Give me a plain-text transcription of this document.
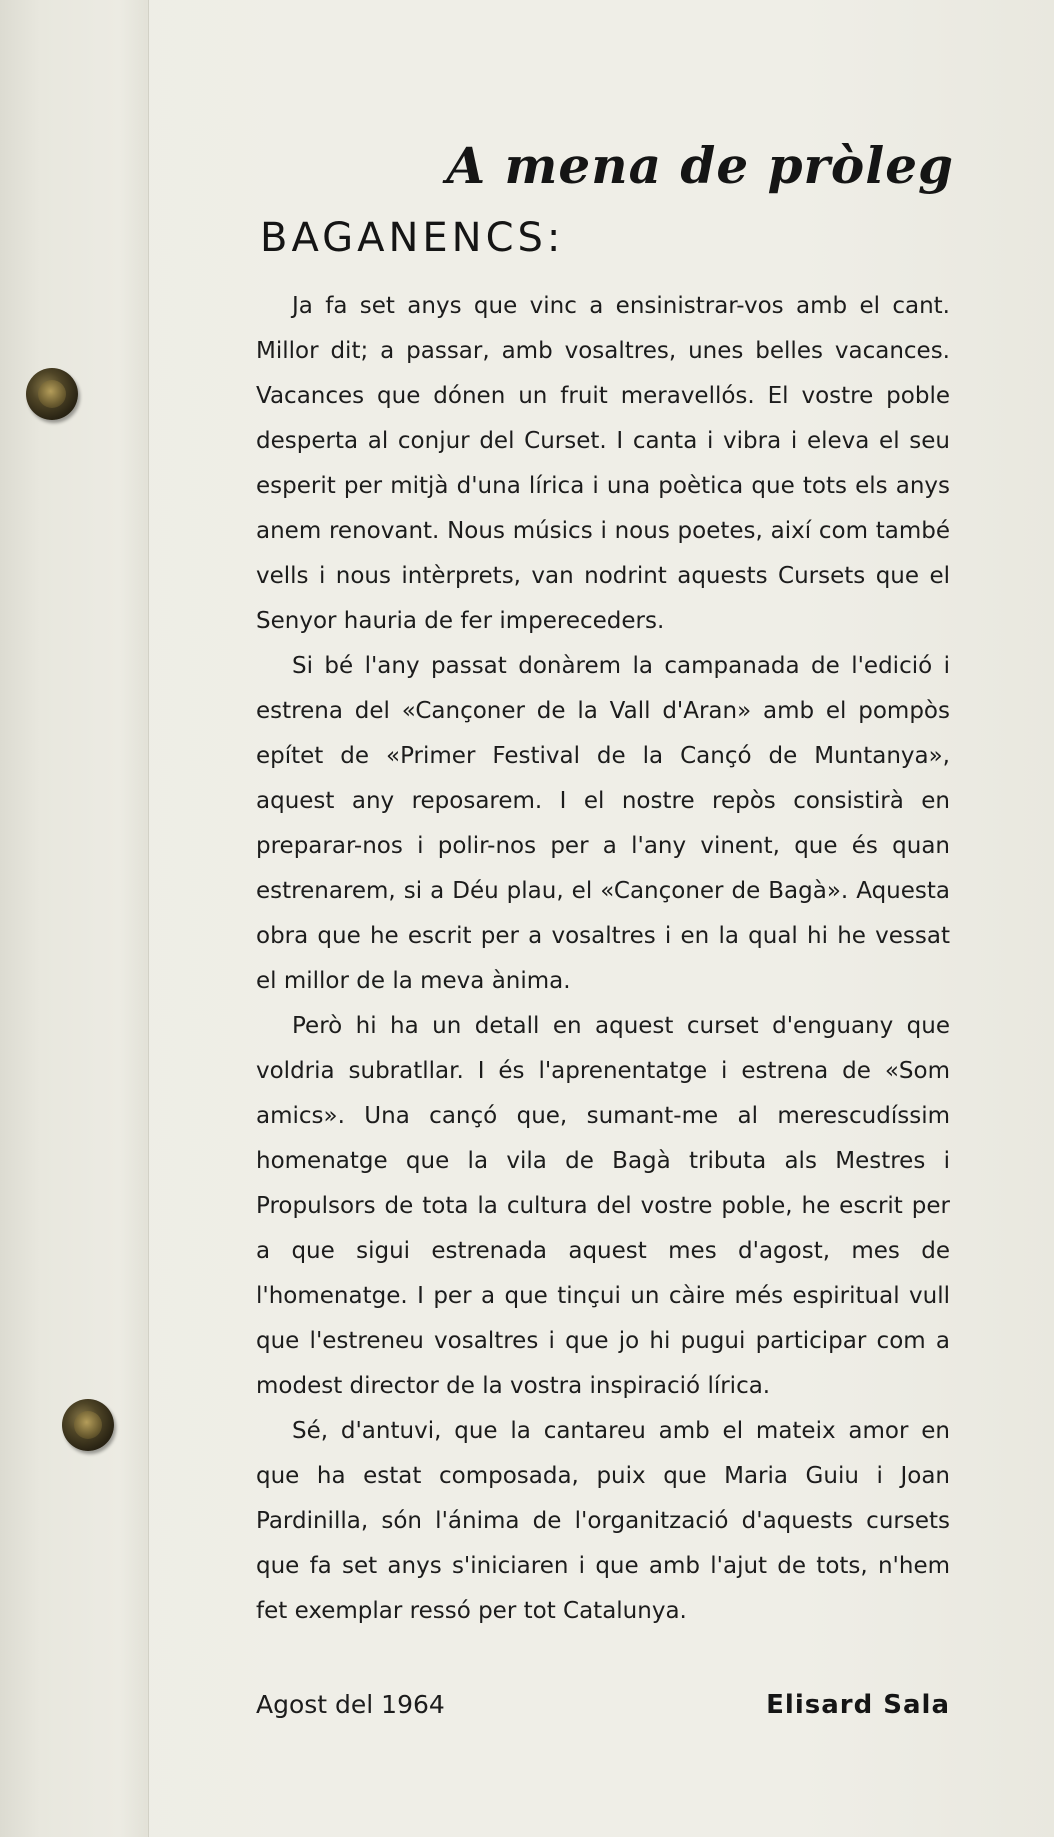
A mena de pròleg
BAGANENCS:

Ja fa set anys que vinc a ensinistrar-vos amb el cant. Millor dit; a passar, amb vosaltres, unes belles vacances. Vacances que dónen un fruit meravellós. El vostre poble desperta al conjur del Curset. I canta i vibra i eleva el seu esperit per mitjà d'una lírica i una poètica que tots els anys anem renovant. Nous músics i nous poetes, així com també vells i nous intèrprets, van nodrint aquests Cursets que el Senyor hauria de fer impereceders.

Si bé l'any passat donàrem la campanada de l'edició i estrena del «Cançoner de la Vall d'Aran» amb el pompòs epítet de «Primer Festival de la Cançó de Muntanya», aquest any reposarem. I el nostre repòs consistirà en preparar-nos i polir-nos per a l'any vinent, que és quan estrenarem, si a Déu plau, el «Cançoner de Bagà». Aquesta obra que he escrit per a vosaltres i en la qual hi he vessat el millor de la meva ànima.

Però hi ha un detall en aquest curset d'enguany que voldria subratllar. I és l'aprenentatge i estrena de «Som amics». Una cançó que, sumant-me al merescudíssim homenatge que la vila de Bagà tributa als Mestres i Propulsors de tota la cultura del vostre poble, he escrit per a que sigui estrenada aquest mes d'agost, mes de l'homenatge. I per a que tinçui un càire més espiritual vull que l'estreneu vosaltres i que jo hi pugui participar com a modest director de la vostra inspiració lírica.

Sé, d'antuvi, que la cantareu amb el mateix amor en que ha estat composada, puix que Maria Guiu i Joan Pardinilla, són l'ánima de l'organització d'aquests cursets que fa set anys s'iniciaren i que amb l'ajut de tots, n'hem fet exemplar ressó per tot Catalunya.

Agost del 1964	Elisard Sala
